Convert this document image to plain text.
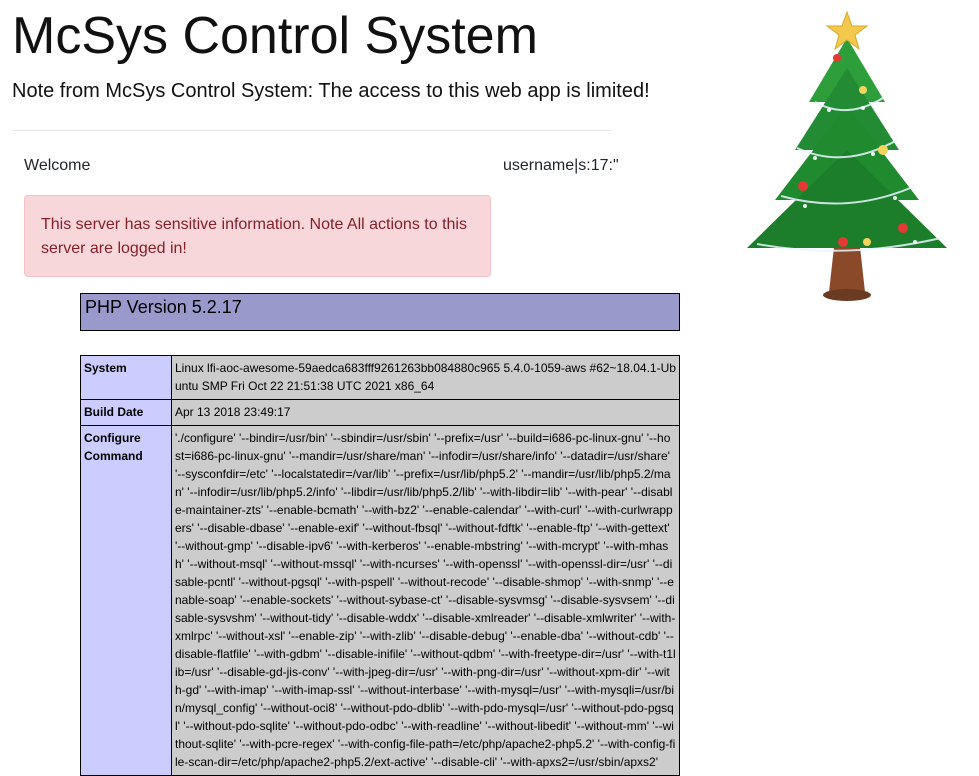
McSys Control System

Note from McSys Control System: The access to this web app is limited!

Welcome	username|s:17:"
This server has sensitive information. Note All actions to this server are logged in!
PHP Version 5.2.17
System	Linux lfi-aoc-awesome-59aedca683fff9261263bb084880c965 5.4.0-1059-aws #62~18.04.1-Ubuntu SMP Fri Oct 22 21:51:38 UTC 2021 x86_64
Build Date	Apr 13 2018 23:49:17
Configure Command	'./configure' '--bindir=/usr/bin' '--sbindir=/usr/sbin' '--prefix=/usr' '--build=i686-pc-linux-gnu' '--host=i686-pc-linux-gnu' '--mandir=/usr/share/man' '--infodir=/usr/share/info' '--datadir=/usr/share' '--sysconfdir=/etc' '--localstatedir=/var/lib' '--prefix=/usr/lib/php5.2' '--mandir=/usr/lib/php5.2/man' '--infodir=/usr/lib/php5.2/info' '--libdir=/usr/lib/php5.2/lib' '--with-libdir=lib' '--with-pear' '--disable-maintainer-zts' '--enable-bcmath' '--with-bz2' '--enable-calendar' '--with-curl' '--with-curlwrappers' '--disable-dbase' '--enable-exif' '--without-fbsql' '--without-fdftk' '--enable-ftp' '--with-gettext' '--without-gmp' '--disable-ipv6' '--with-kerberos' '--enable-mbstring' '--with-mcrypt' '--with-mhash' '--without-msql' '--without-mssql' '--with-ncurses' '--with-openssl' '--with-openssl-dir=/usr' '--disable-pcntl' '--without-pgsql' '--with-pspell' '--without-recode' '--disable-shmop' '--with-snmp' '--enable-soap' '--enable-sockets' '--without-sybase-ct' '--disable-sysvmsg' '--disable-sysvsem' '--disable-sysvshm' '--without-tidy' '--disable-wddx' '--disable-xmlreader' '--disable-xmlwriter' '--with-xmlrpc' '--without-xsl' '--enable-zip' '--with-zlib' '--disable-debug' '--enable-dba' '--without-cdb' '--disable-flatfile' '--with-gdbm' '--disable-inifile' '--without-qdbm' '--with-freetype-dir=/usr' '--with-t1lib=/usr' '--disable-gd-jis-conv' '--with-jpeg-dir=/usr' '--with-png-dir=/usr' '--without-xpm-dir' '--with-gd' '--with-imap' '--with-imap-ssl' '--without-interbase' '--with-mysql=/usr' '--with-mysqli=/usr/bin/mysql_config' '--without-oci8' '--without-pdo-dblib' '--with-pdo-mysql=/usr' '--without-pdo-pgsql' '--without-pdo-sqlite' '--without-pdo-odbc' '--with-readline' '--without-libedit' '--without-mm' '--without-sqlite' '--with-pcre-regex' '--with-config-file-path=/etc/php/apache2-php5.2' '--with-config-file-scan-dir=/etc/php/apache2-php5.2/ext-active' '--disable-cli' '--with-apxs2=/usr/sbin/apxs2'
